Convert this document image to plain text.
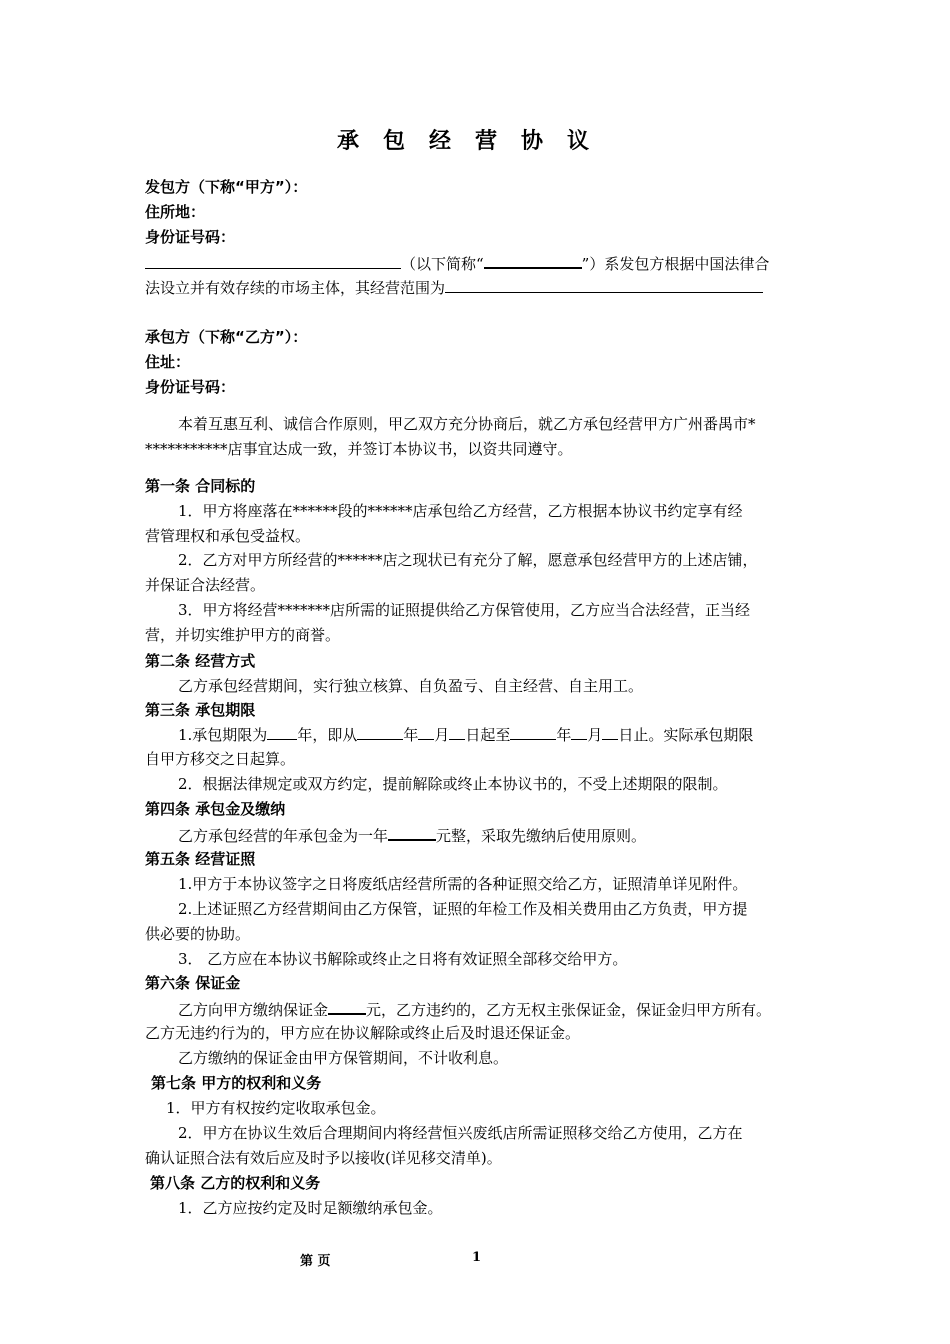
承包经营协议
发包方（下称“甲方”）：
住所地：
身份证号码：
（以下简称“	”）系发包方根据中国法律合
法设立并有效存续的市场主体，其经营范围为
承包方（下称“乙方”）：
住址：
身份证号码：
本着互惠互利、诚信合作原则，甲乙双方充分协商后，就乙方承包经营甲方广州番禺市*
***********店事宜达成一致，并签订本协议书，以资共同遵守。
第一条 合同标的
1．甲方将座落在******段的******店承包给乙方经营，乙方根据本协议书约定享有经
营管理权和承包受益权。
2．乙方对甲方所经营的******店之现状已有充分了解，愿意承包经营甲方的上述店铺，
并保证合法经营。
3．甲方将经营*******店所需的证照提供给乙方保管使用，乙方应当合法经营，正当经
营，并切实维护甲方的商誉。
第二条 经营方式
乙方承包经营期间，实行独立核算、自负盈亏、自主经营、自主用工。
第三条 承包期限
1.承包期限为 年，即从	年 月 日起至	年 月 日止。实际承包期限
自甲方移交之日起算。
2．根据法律规定或双方约定，提前解除或终止本协议书的，不受上述期限的限制。
第四条 承包金及缴纳
乙方承包经营的年承包金为一年	元整，采取先缴纳后使用原则。
第五条 经营证照
1.甲方于本协议签字之日将废纸店经营所需的各种证照交给乙方，证照清单详见附件。
2.上述证照乙方经营期间由乙方保管，证照的年检工作及相关费用由乙方负责，甲方提
供必要的协助。
3． 乙方应在本协议书解除或终止之日将有效证照全部移交给甲方。
第六条 保证金
乙方向甲方缴纳保证金	元，乙方违约的，乙方无权主张保证金，保证金归甲方所有。
乙方无违约行为的，甲方应在协议解除或终止后及时退还保证金。
乙方缴纳的保证金由甲方保管期间，不计收利息。
第七条 甲方的权利和义务
1．甲方有权按约定收取承包金。
2．甲方在协议生效后合理期间内将经营恒兴废纸店所需证照移交给乙方使用，乙方在
确认证照合法有效后应及时予以接收(详见移交清单)。
第八条 乙方的权利和义务
1．乙方应按约定及时足额缴纳承包金。
第 页	1
